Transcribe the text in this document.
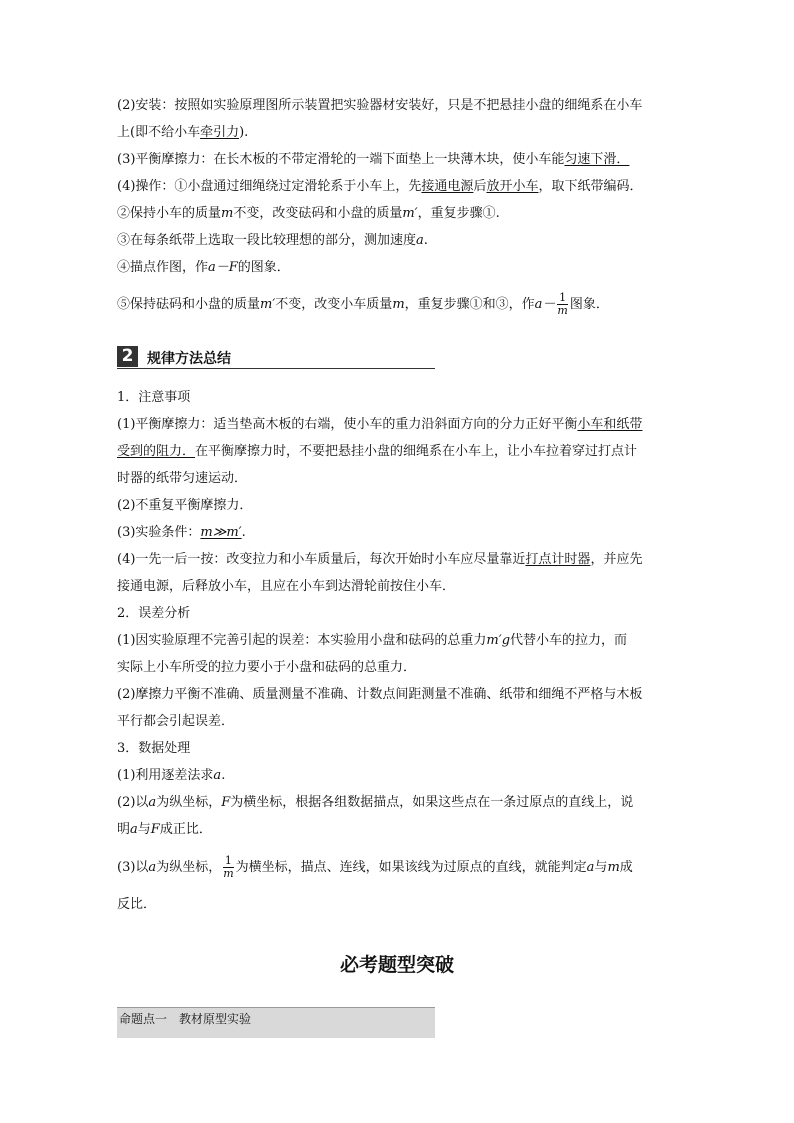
(2)安装：按照如实验原理图所示装置把实验器材安装好，只是不把悬挂小盘的细绳系在小车
上(即不给小车牵引力).
(3)平衡摩擦力：在长木板的不带定滑轮的一端下面垫上一块薄木块，使小车能匀速下滑．
(4)操作：①小盘通过细绳绕过定滑轮系于小车上，先接通电源后放开小车，取下纸带编码．
②保持小车的质量m不变，改变砝码和小盘的质量m′，重复步骤①.
③在每条纸带上选取一段比较理想的部分，测加速度a.
④描点作图，作a－F的图象．
⑤保持砝码和小盘的质量m′不变，改变小车质量m，重复步骤①和③，作$a- \frac{1}{m}$ 图象．
2 规律方法总结
1．注意事项
(1)平衡摩擦力：适当垫高木板的右端，使小车的重力沿斜面方向的分力正好平衡小车和纸带
受到的阻力．在平衡摩擦力时，不要把悬挂小盘的细绳系在小车上，让小车拉着穿过打点计
时器的纸带匀速运动．
(2)不重复平衡摩擦力．
(3)实验条件：m≫m′.
(4)一先一后一按：改变拉力和小车质量后，每次开始时小车应尽量靠近打点计时器，并应先
接通电源，后释放小车，且应在小车到达滑轮前按住小车．
2．误差分析
(1)因实验原理不完善引起的误差：本实验用小盘和砝码的总重力m′g代替小车的拉力，而
实际上小车所受的拉力要小于小盘和砝码的总重力．
(2)摩擦力平衡不准确、质量测量不准确、计数点间距测量不准确、纸带和细绳不严格与木板
平行都会引起误差．
3．数据处理
(1)利用逐差法求a.
(2)以a为纵坐标，F为横坐标，根据各组数据描点，如果这些点在一条过原点的直线上，说
明a与F成正比．
(3)以a为纵坐标， $\frac{1}{m}$ 为横坐标，描点、连线，如果该线为过原点的直线，就能判定a与m成
反比．
必考题型突破
命题点一　教材原型实验
